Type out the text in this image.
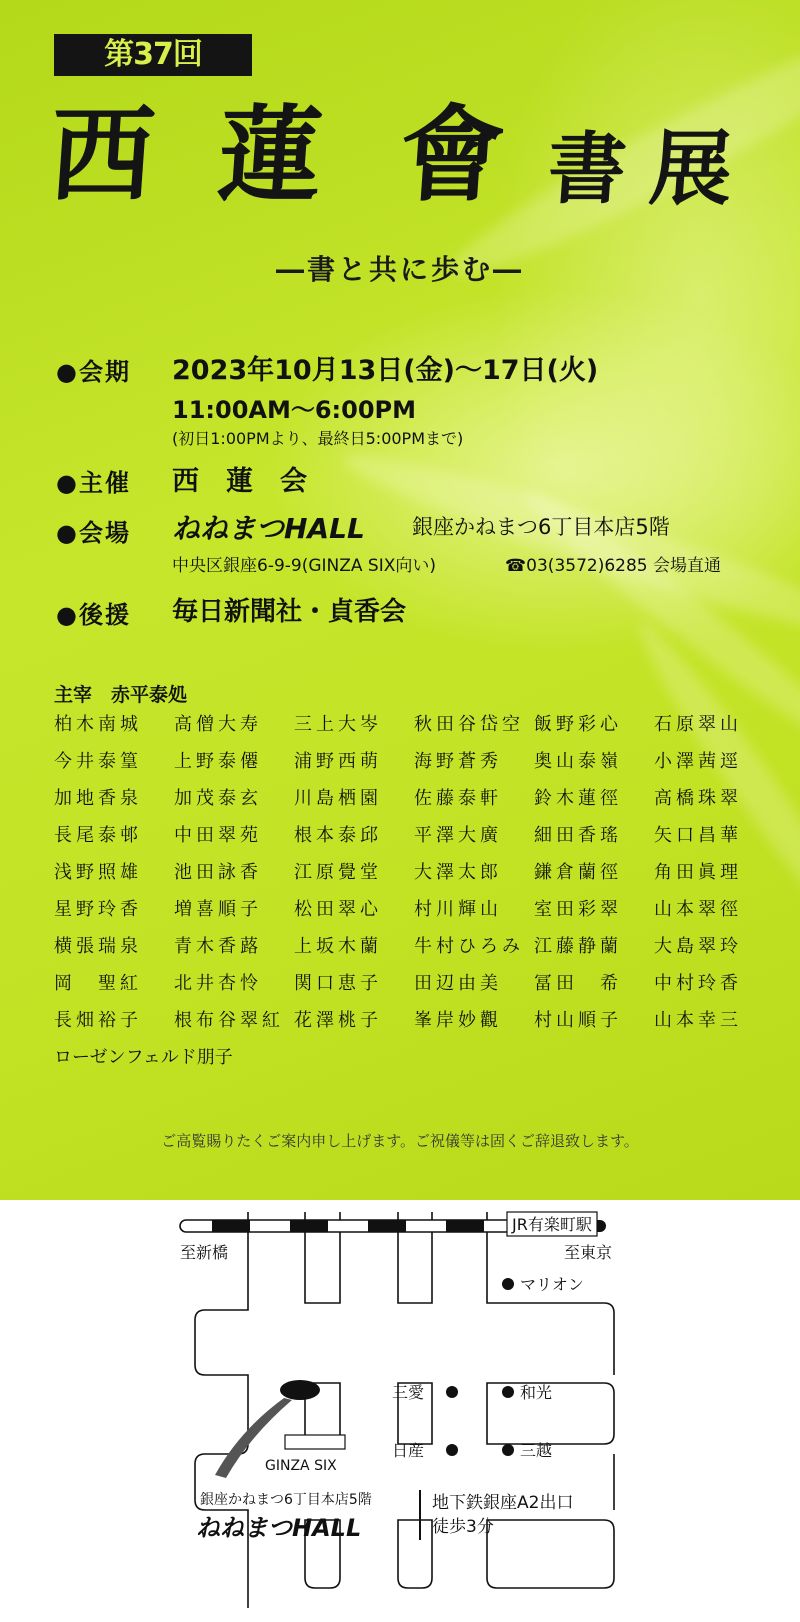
第37回
西 蓮 會 書 展
―書と共に歩む―
●会期 2023年10月13日(金)～17日(火)
11:00AM～6:00PM
(初日1:00PMより、最終日5:00PMまで)
●主催 西　蓮　会
●会場 ねねまつHALL 銀座かねまつ6丁目本店5階
中央区銀座6-9-9(GINZA SIX向い)	☎03(3572)6285 会場直通
●後援 毎日新聞社・貞香会
主宰　赤平泰処
柏木南城	高僧大寿	三上大岑	秋田谷岱空 飯野彩心	石原翠山
今井泰篁	上野泰僊	浦野西萌	海野蒼秀	奥山泰嶺	小澤茜逕
加地香泉	加茂泰玄	川島栖園	佐藤泰軒	鈴木蓮徑	高橋珠翠
長尾泰邨	中田翠苑	根本泰邱	平澤大廣	細田香瑤	矢口昌華
浅野照雄	池田詠香	江原覺堂	大澤太郎	鎌倉蘭徑	角田眞理
星野玲香	増喜順子	松田翠心	村川輝山	室田彩翠	山本翠徑
横張瑞泉	青木香蕗	上坂木蘭	牛村ひろみ 江藤静蘭	大島翠玲
岡　聖紅	北井杏怜	関口恵子	田辺由美	冨田　希	中村玲香
長畑裕子	根布谷翠紅 花澤桃子	峯岸妙觀	村山順子	山本幸三
ローゼンフェルド朋子
ご高覧賜りたくご案内申し上げます。ご祝儀等は固くご辞退致します。
JR有楽町駅
至新橋	至東京
マリオン
三愛	和光
日産	三越
GINZA SIX
銀座かねまつ6丁目本店5階
ねねまつHALL
地下鉄銀座A2出口
徒歩3分
